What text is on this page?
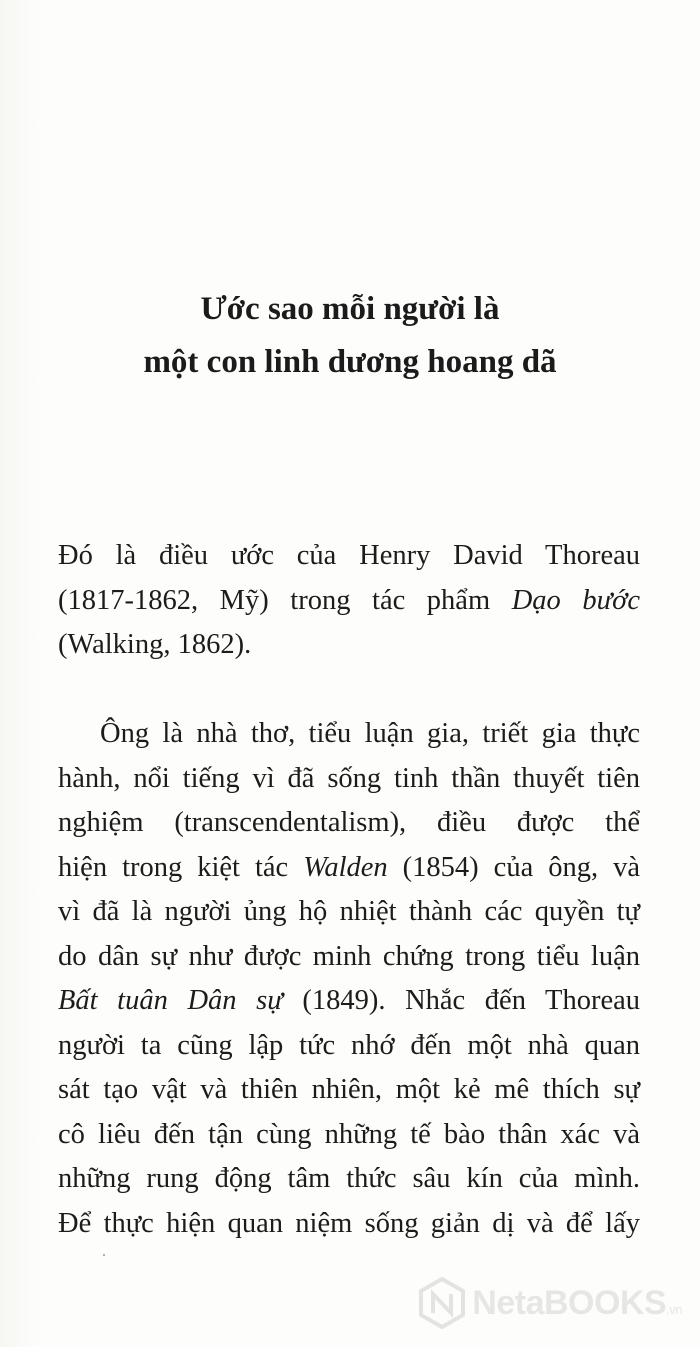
Ước sao mỗi người là
một con linh dương hoang dã
Đó là điều ước của Henry David Thoreau
(1817-1862, Mỹ) trong tác phẩm Dạo bước
(Walking, 1862).
Ông là nhà thơ, tiểu luận gia, triết gia thực
hành, nổi tiếng vì đã sống tinh thần thuyết tiên
nghiệm (transcendentalism), điều được thể
hiện trong kiệt tác Walden (1854) của ông, và
vì đã là người ủng hộ nhiệt thành các quyền tự
do dân sự như được minh chứng trong tiểu luận
Bất tuân Dân sự (1849). Nhắc đến Thoreau
người ta cũng lập tức nhớ đến một nhà quan
sát tạo vật và thiên nhiên, một kẻ mê thích sự
cô liêu đến tận cùng những tế bào thân xác và
những rung động tâm thức sâu kín của mình.
Để thực hiện quan niệm sống giản dị và để lấy
NetaBOOKS.vn
